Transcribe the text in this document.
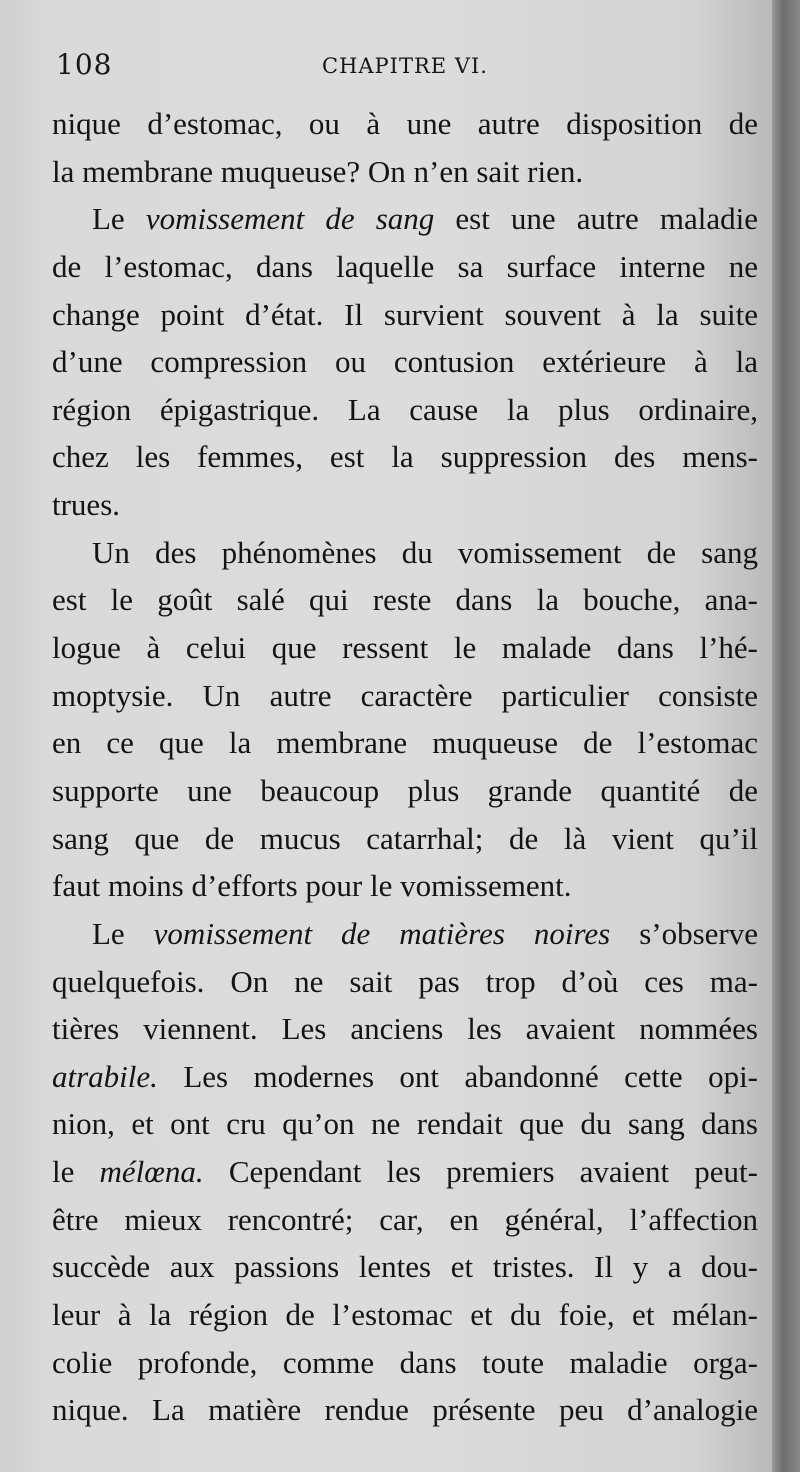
108	CHAPITRE VI.
nique d’estomac, ou à une autre disposition de
la membrane muqueuse? On n’en sait rien.
Le vomissement de sang est une autre maladie
de l’estomac, dans laquelle sa surface interne ne
change point d’état. Il survient souvent à la suite
d’une compression ou contusion extérieure à la
région épigastrique. La cause la plus ordinaire,
chez les femmes, est la suppression des mens-
trues.
Un des phénomènes du vomissement de sang
est le goût salé qui reste dans la bouche, ana-
logue à celui que ressent le malade dans l’hé-
moptysie. Un autre caractère particulier consiste
en ce que la membrane muqueuse de l’estomac
supporte une beaucoup plus grande quantité de
sang que de mucus catarrhal; de là vient qu’il
faut moins d’efforts pour le vomissement.
Le vomissement de matières noires s’observe
quelquefois. On ne sait pas trop d’où ces ma-
tières viennent. Les anciens les avaient nommées
atrabile. Les modernes ont abandonné cette opi-
nion, et ont cru qu’on ne rendait que du sang dans
le mélœna. Cependant les premiers avaient peut-
être mieux rencontré; car, en général, l’affection
succède aux passions lentes et tristes. Il y a dou-
leur à la région de l’estomac et du foie, et mélan-
colie profonde, comme dans toute maladie orga-
nique. La matière rendue présente peu d’analogie
